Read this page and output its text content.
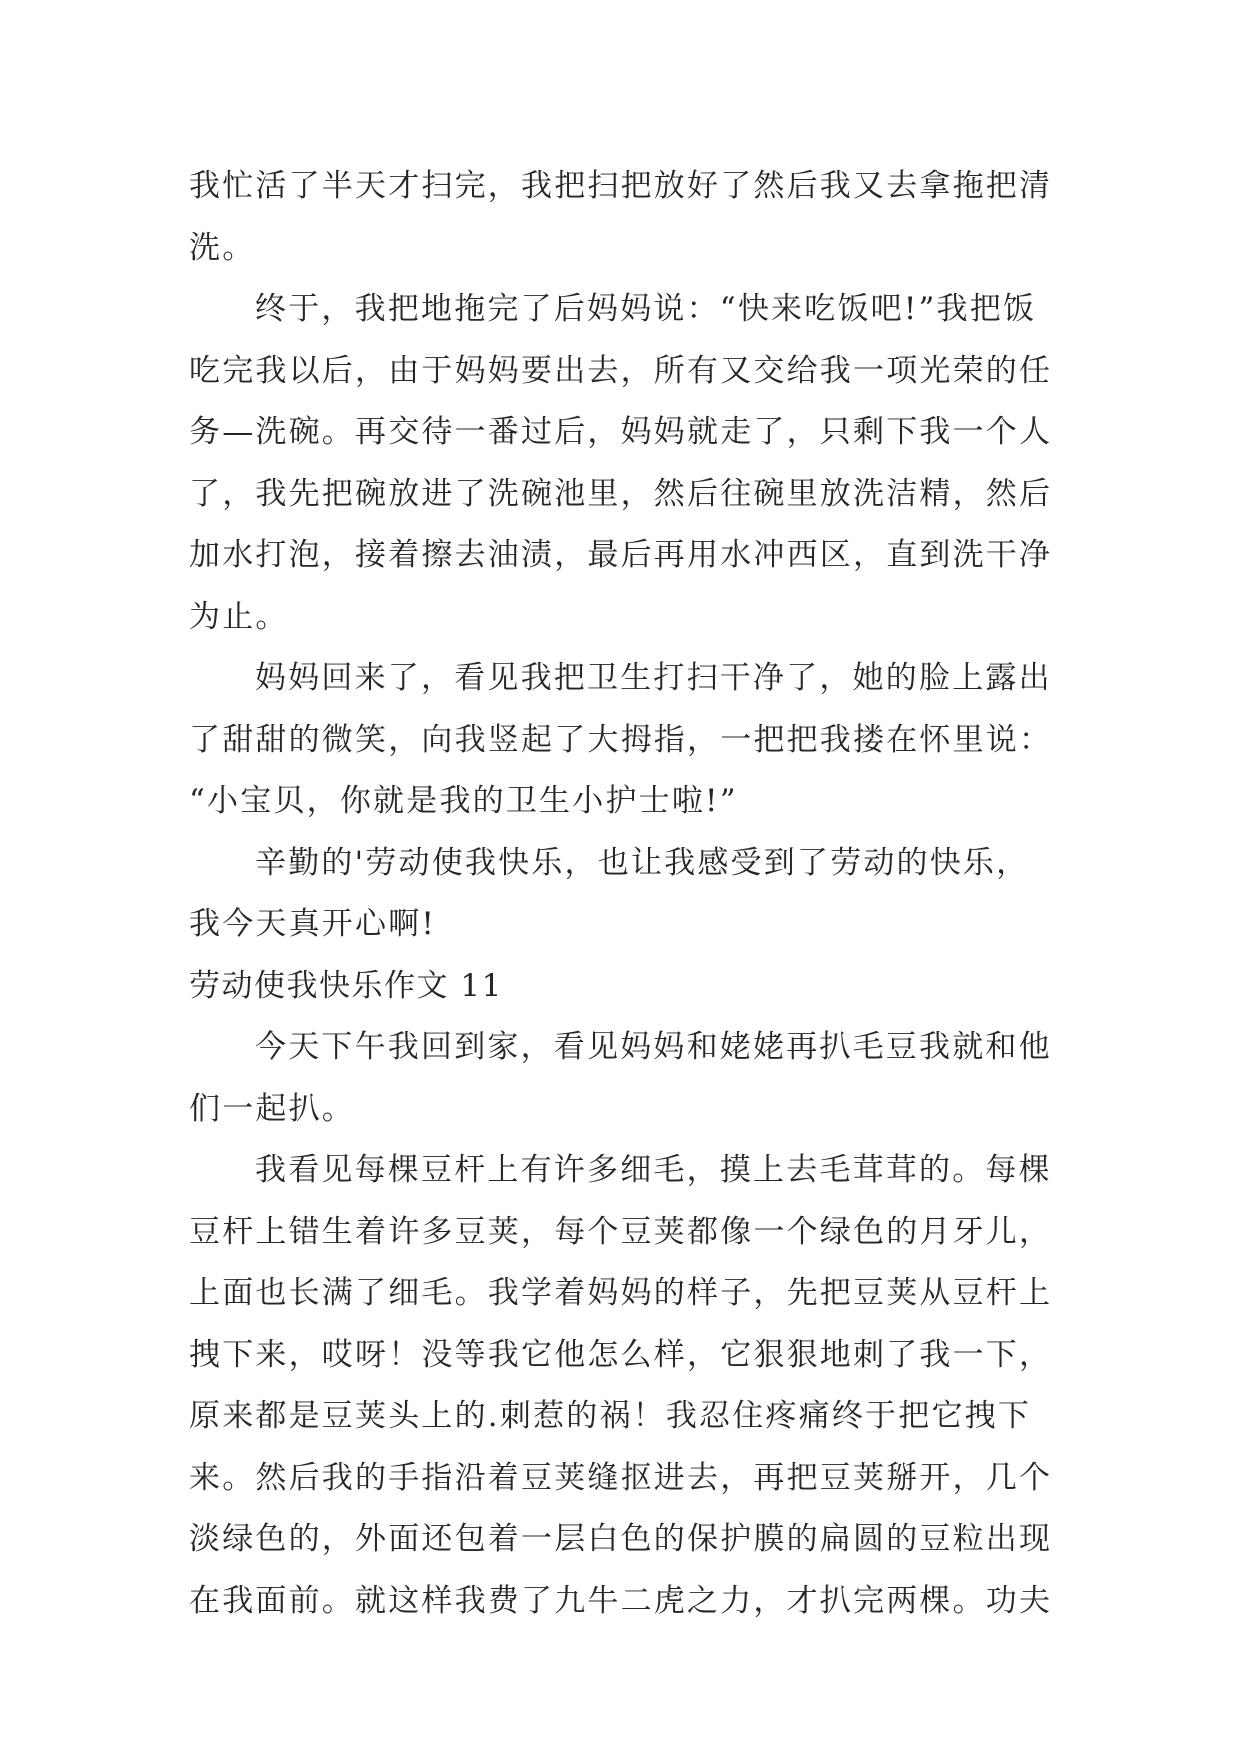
我忙活了半天才扫完，我把扫把放好了然后我又去拿拖把清
洗。
终于，我把地拖完了后妈妈说：“快来吃饭吧!”我把饭
吃完我以后，由于妈妈要出去，所有又交给我一项光荣的任
务—洗碗。再交待一番过后，妈妈就走了，只剩下我一个人
了，我先把碗放进了洗碗池里，然后往碗里放洗洁精，然后
加水打泡，接着擦去油渍，最后再用水冲西区，直到洗干净
为止。
妈妈回来了，看见我把卫生打扫干净了，她的脸上露出
了甜甜的微笑，向我竖起了大拇指，一把把我搂在怀里说：
“小宝贝，你就是我的卫生小护士啦!”
辛勤的'劳动使我快乐，也让我感受到了劳动的快乐，
我今天真开心啊!
劳动使我快乐作文 11
今天下午我回到家，看见妈妈和姥姥再扒毛豆我就和他
们一起扒。
我看见每棵豆杆上有许多细毛，摸上去毛茸茸的。每棵
豆杆上错生着许多豆荚，每个豆荚都像一个绿色的月牙儿，
上面也长满了细毛。我学着妈妈的样子，先把豆荚从豆杆上
拽下来，哎呀！没等我它他怎么样，它狠狠地刺了我一下，
原来都是豆荚头上的.刺惹的祸！我忍住疼痛终于把它拽下
来。然后我的手指沿着豆荚缝抠进去，再把豆荚掰开，几个
淡绿色的，外面还包着一层白色的保护膜的扁圆的豆粒出现
在我面前。就这样我费了九牛二虎之力，才扒完两棵。功夫
